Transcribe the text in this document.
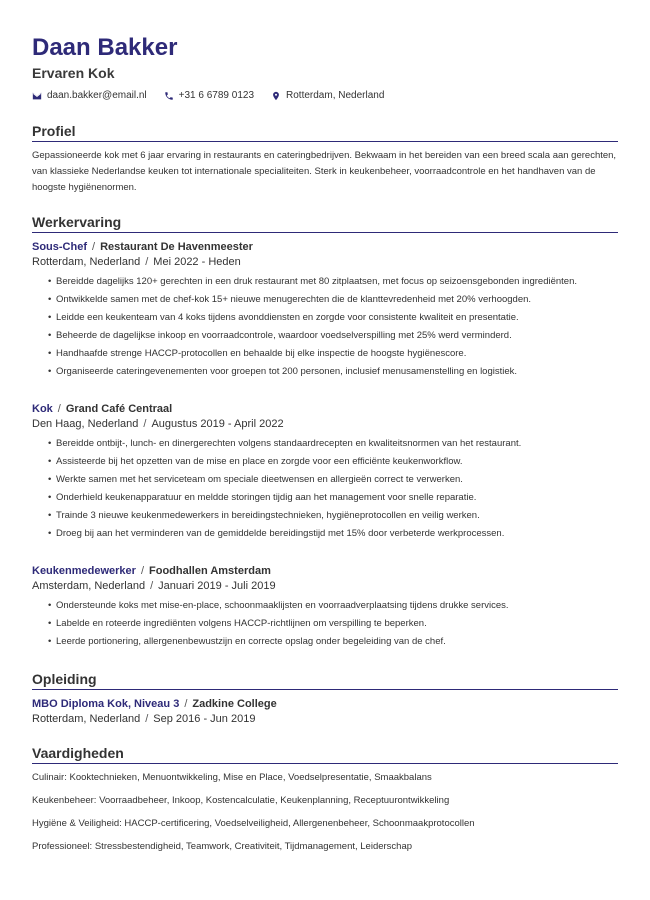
Daan Bakker
Ervaren Kok
daan.bakker@email.nl	+31 6 6789 0123	Rotterdam, Nederland
Profiel
Gepassioneerde kok met 6 jaar ervaring in restaurants en cateringbedrijven. Bekwaam in het bereiden van een breed scala aan gerechten, van klassieke Nederlandse keuken tot internationale specialiteiten. Sterk in keukenbeheer, voorraadcontrole en het handhaven van de hoogste hygiënenormen.
Werkervaring
Sous-Chef / Restaurant De Havenmeester
Rotterdam, Nederland / Mei 2022 - Heden
• Bereidde dagelijks 120+ gerechten in een druk restaurant met 80 zitplaatsen, met focus op seizoensgebonden ingrediënten.
• Ontwikkelde samen met de chef-kok 15+ nieuwe menugerechten die de klanttevredenheid met 20% verhoogden.
• Leidde een keukenteam van 4 koks tijdens avonddiensten en zorgde voor consistente kwaliteit en presentatie.
• Beheerde de dagelijkse inkoop en voorraadcontrole, waardoor voedselverspilling met 25% werd verminderd.
• Handhaafde strenge HACCP-protocollen en behaalde bij elke inspectie de hoogste hygiënescore.
• Organiseerde cateringevenementen voor groepen tot 200 personen, inclusief menusamenstelling en logistiek.
Kok / Grand Café Centraal
Den Haag, Nederland / Augustus 2019 - April 2022
• Bereidde ontbijt-, lunch- en dinergerechten volgens standaardrecepten en kwaliteitsnormen van het restaurant.
• Assisteerde bij het opzetten van de mise en place en zorgde voor een efficiënte keukenworkflow.
• Werkte samen met het serviceteam om speciale dieetwensen en allergieën correct te verwerken.
• Onderhield keukenapparatuur en meldde storingen tijdig aan het management voor snelle reparatie.
• Trainde 3 nieuwe keukenmedewerkers in bereidingstechnieken, hygiëneprotocollen en veilig werken.
• Droeg bij aan het verminderen van de gemiddelde bereidingstijd met 15% door verbeterde werkprocessen.
Keukenmedewerker / Foodhallen Amsterdam
Amsterdam, Nederland / Januari 2019 - Juli 2019
• Ondersteunde koks met mise-en-place, schoonmaaklijsten en voorraadverplaatsing tijdens drukke services.
• Labelde en roteerde ingrediënten volgens HACCP-richtlijnen om verspilling te beperken.
• Leerde portionering, allergenenbewustzijn en correcte opslag onder begeleiding van de chef.
Opleiding
MBO Diploma Kok, Niveau 3 / Zadkine College
Rotterdam, Nederland / Sep 2016 - Jun 2019
Vaardigheden
Culinair: Kooktechnieken, Menuontwikkeling, Mise en Place, Voedselpresentatie, Smaakbalans
Keukenbeheer: Voorraadbeheer, Inkoop, Kostencalculatie, Keukenplanning, Receptuurontwikkeling
Hygiëne & Veiligheid: HACCP-certificering, Voedselveiligheid, Allergenenbeheer, Schoonmaakprotocollen
Professioneel: Stressbestendigheid, Teamwork, Creativiteit, Tijdmanagement, Leiderschap
